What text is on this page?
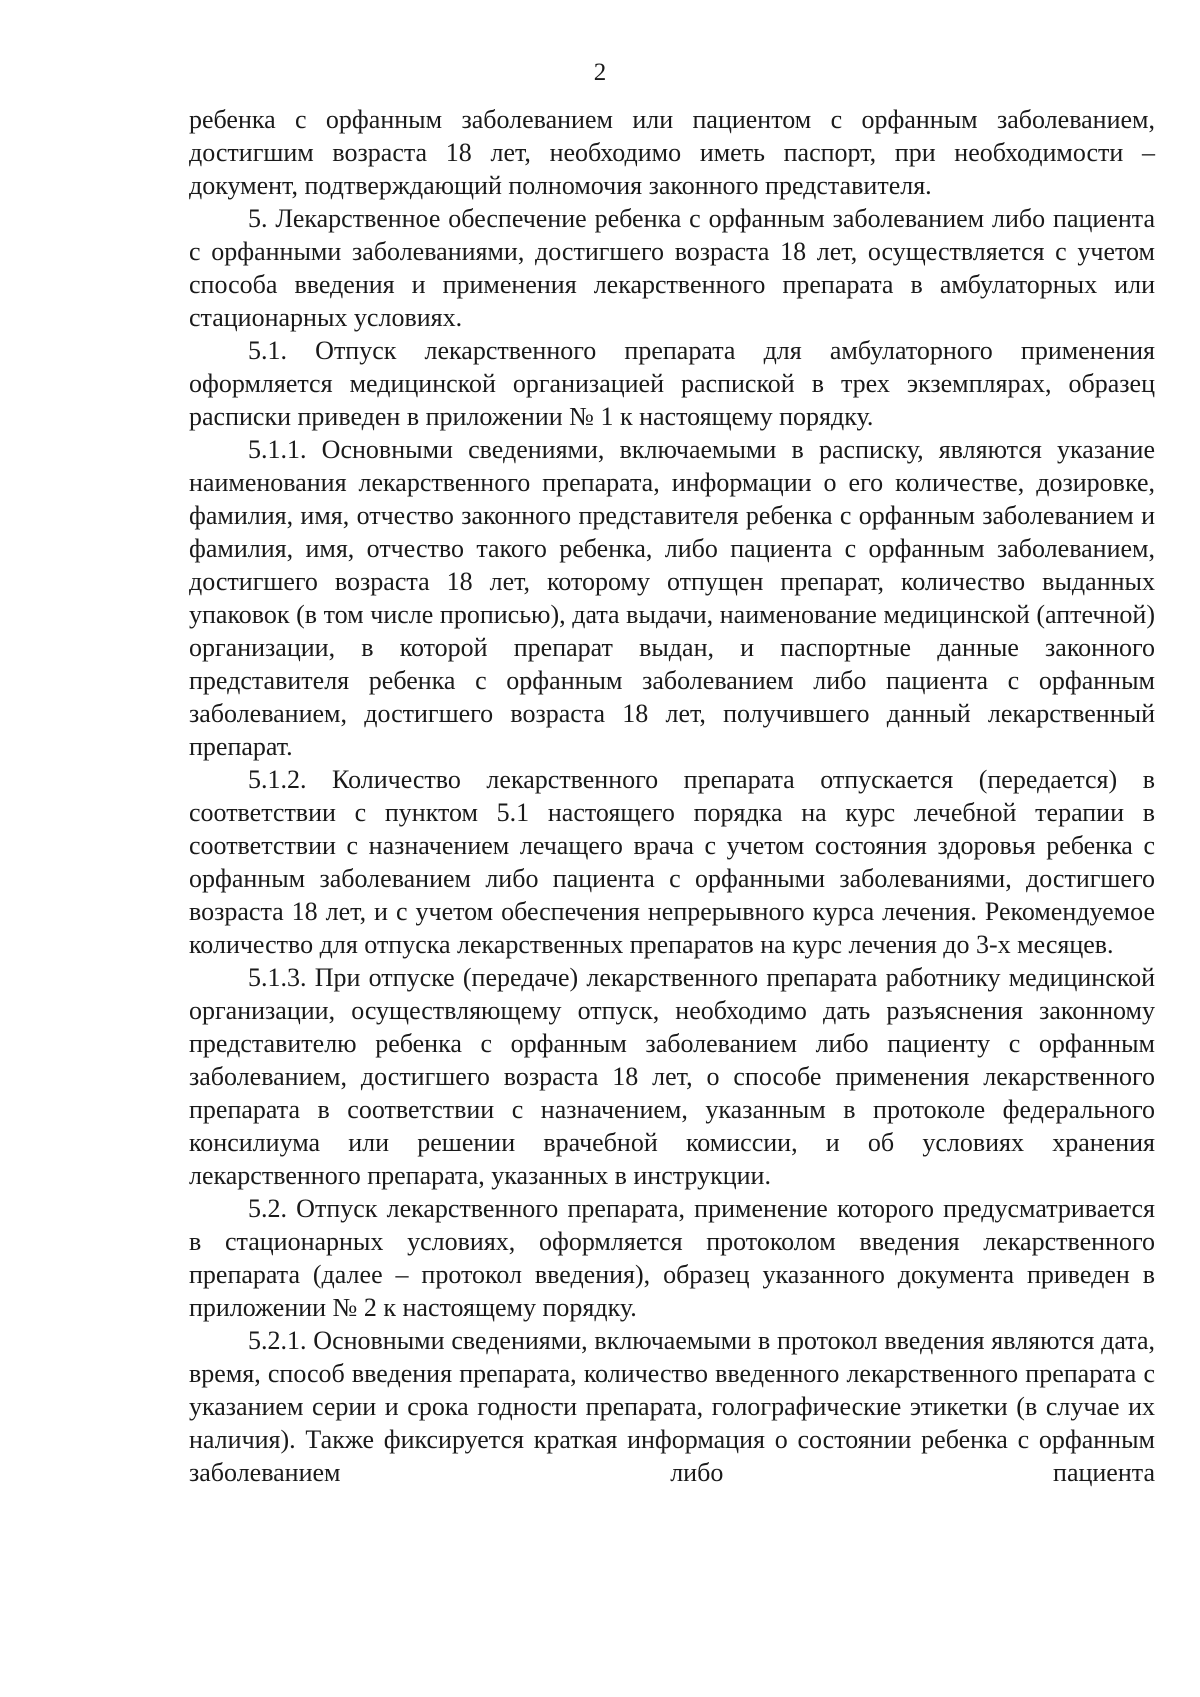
2

ребенка с орфанным заболеванием или пациентом с орфанным заболеванием, достигшим возраста 18 лет, необходимо иметь паспорт, при необходимости – документ, подтверждающий полномочия законного представителя.

5. Лекарственное обеспечение ребенка с орфанным заболеванием либо пациента с орфанными заболеваниями, достигшего возраста 18 лет, осуществляется с учетом способа введения и применения лекарственного препарата в амбулаторных или стационарных условиях.

5.1. Отпуск лекарственного препарата для амбулаторного применения оформляется медицинской организацией распиской в трех экземплярах, образец расписки приведен в приложении № 1 к настоящему порядку.

5.1.1. Основными сведениями, включаемыми в расписку, являются указание наименования лекарственного препарата, информации о его количестве, дозировке, фамилия, имя, отчество законного представителя ребенка с орфанным заболеванием и фамилия, имя, отчество такого ребенка, либо пациента с орфанным заболеванием, достигшего возраста 18 лет, которому отпущен препарат, количество выданных упаковок (в том числе прописью), дата выдачи, наименование медицинской (аптечной) организации, в которой препарат выдан, и паспортные данные законного представителя ребенка с орфанным заболеванием либо пациента с орфанным заболеванием, достигшего возраста 18 лет, получившего данный лекарственный препарат.

5.1.2. Количество лекарственного препарата отпускается (передается) в соответствии с пунктом 5.1 настоящего порядка на курс лечебной терапии в соответствии с назначением лечащего врача с учетом состояния здоровья ребенка с орфанным заболеванием либо пациента с орфанными заболеваниями, достигшего возраста 18 лет, и с учетом обеспечения непрерывного курса лечения. Рекомендуемое количество для отпуска лекарственных препаратов на курс лечения до 3-х месяцев.

5.1.3. При отпуске (передаче) лекарственного препарата работнику медицинской организации, осуществляющему отпуск, необходимо дать разъяснения законному представителю ребенка с орфанным заболеванием либо пациенту с орфанным заболеванием, достигшего возраста 18 лет, о способе применения лекарственного препарата в соответствии с назначением, указанным в протоколе федерального консилиума или решении врачебной комиссии, и об условиях хранения лекарственного препарата, указанных в инструкции.

5.2. Отпуск лекарственного препарата, применение которого предусматривается в стационарных условиях, оформляется протоколом введения лекарственного препарата (далее – протокол введения), образец указанного документа приведен в приложении № 2 к настоящему порядку.

5.2.1. Основными сведениями, включаемыми в протокол введения являются дата, время, способ введения препарата, количество введенного лекарственного препарата с указанием серии и срока годности препарата, голографические этикетки (в случае их наличия). Также фиксируется краткая информация о состоянии ребенка с орфанным заболеванием либо пациента
